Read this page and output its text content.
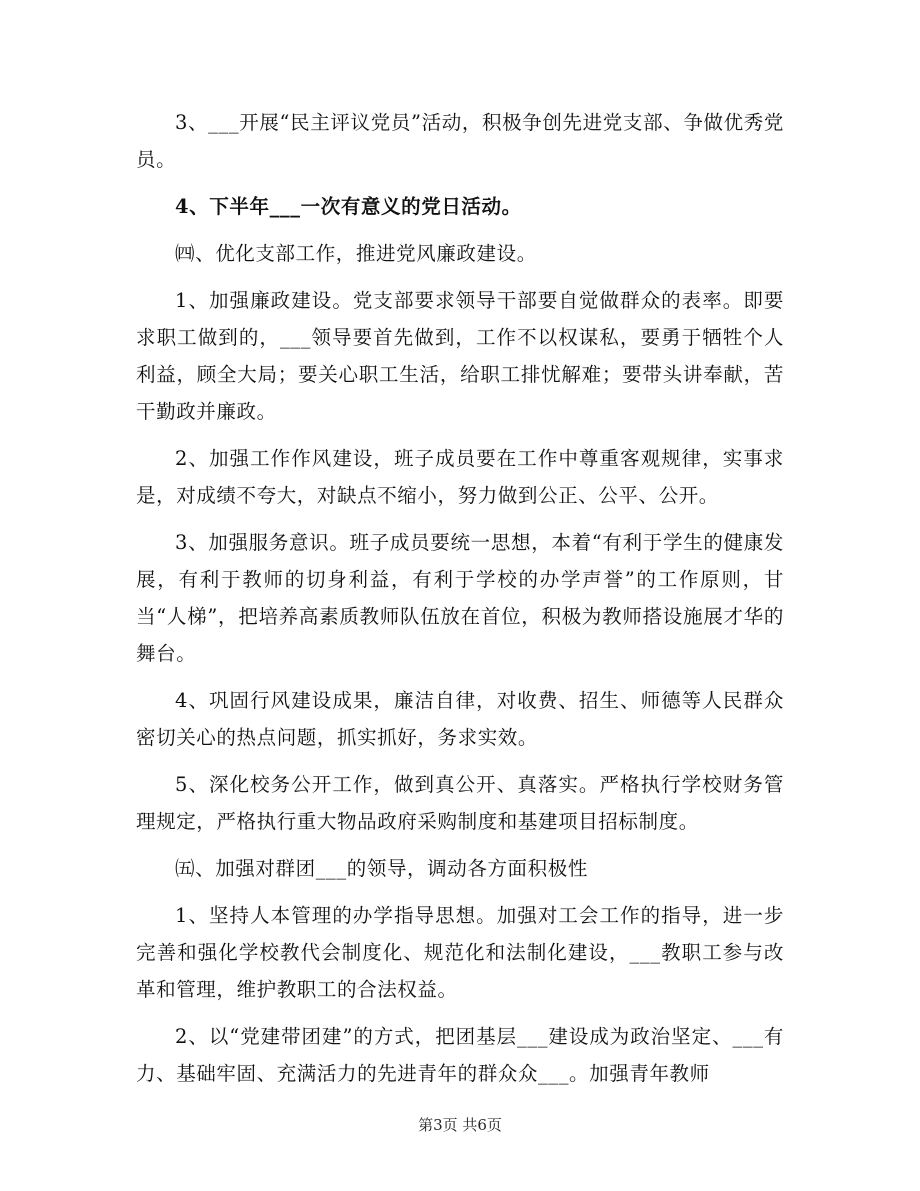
3、___开展“民主评议党员”活动，积极争创先进党支部、争做优秀党员。

4、下半年___一次有意义的党日活动。

㈣、优化支部工作，推进党风廉政建设。

1、加强廉政建设。党支部要求领导干部要自觉做群众的表率。即要求职工做到的，___领导要首先做到，工作不以权谋私，要勇于牺牲个人利益，顾全大局；要关心职工生活，给职工排忧解难；要带头讲奉献，苦干勤政并廉政。

2、加强工作作风建设，班子成员要在工作中尊重客观规律，实事求是，对成绩不夸大，对缺点不缩小，努力做到公正、公平、公开。

3、加强服务意识。班子成员要统一思想，本着“有利于学生的健康发展，有利于教师的切身利益，有利于学校的办学声誉”的工作原则，甘当“人梯”，把培养高素质教师队伍放在首位，积极为教师搭设施展才华的舞台。

4、巩固行风建设成果，廉洁自律，对收费、招生、师德等人民群众密切关心的热点问题，抓实抓好，务求实效。

5、深化校务公开工作，做到真公开、真落实。严格执行学校财务管理规定，严格执行重大物品政府采购制度和基建项目招标制度。

㈤、加强对群团___的领导，调动各方面积极性

1、坚持人本管理的办学指导思想。加强对工会工作的指导，进一步完善和强化学校教代会制度化、规范化和法制化建设，___教职工参与改革和管理，维护教职工的合法权益。

2、以“党建带团建”的方式，把团基层___建设成为政治坚定、___有力、基础牢固、充满活力的先进青年的群众众___。加强青年教师

第3页 共6页
